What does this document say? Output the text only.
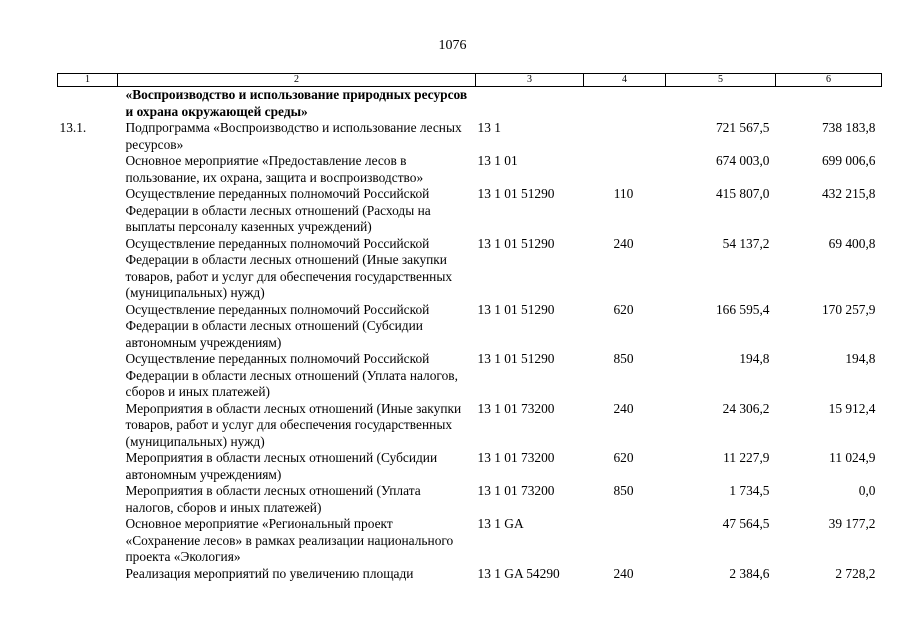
1076
1	2	3	4	5	6
	«Воспроизводство и использование природных ресурсов и охрана окружающей среды»				
13.1.	Подпрограмма «Воспроизводство и использование лесных ресурсов»	13 1		721 567,5	738 183,8
	Основное мероприятие «Предоставление лесов в пользование, их охрана, защита и воспроизводство»	13 1 01		674 003,0	699 006,6
	Осуществление переданных полномочий Российской Федерации в области лесных отношений (Расходы на выплаты персоналу казенных учреждений)	13 1 01 51290	110	415 807,0	432 215,8
	Осуществление переданных полномочий Российской Федерации в области лесных отношений (Иные закупки товаров, работ и услуг для обеспечения государственных (муниципальных) нужд)	13 1 01 51290	240	54 137,2	69 400,8
	Осуществление переданных полномочий Российской Федерации в области лесных отношений (Субсидии автономным учреждениям)	13 1 01 51290	620	166 595,4	170 257,9
	Осуществление переданных полномочий Российской Федерации в области лесных отношений (Уплата налогов, сборов и иных платежей)	13 1 01 51290	850	194,8	194,8
	Мероприятия в области лесных отношений (Иные закупки товаров, работ и услуг для обеспечения государственных (муниципальных) нужд)	13 1 01 73200	240	24 306,2	15 912,4
	Мероприятия в области лесных отношений (Субсидии автономным учреждениям)	13 1 01 73200	620	11 227,9	11 024,9
	Мероприятия в области лесных отношений (Уплата налогов, сборов и иных платежей)	13 1 01 73200	850	1 734,5	0,0
	Основное мероприятие «Региональный проект «Сохранение лесов» в рамках реализации национального проекта «Экология»	13 1 GA		47 564,5	39 177,2
	Реализация мероприятий по увеличению площади	13 1 GA 54290	240	2 384,6	2 728,2
